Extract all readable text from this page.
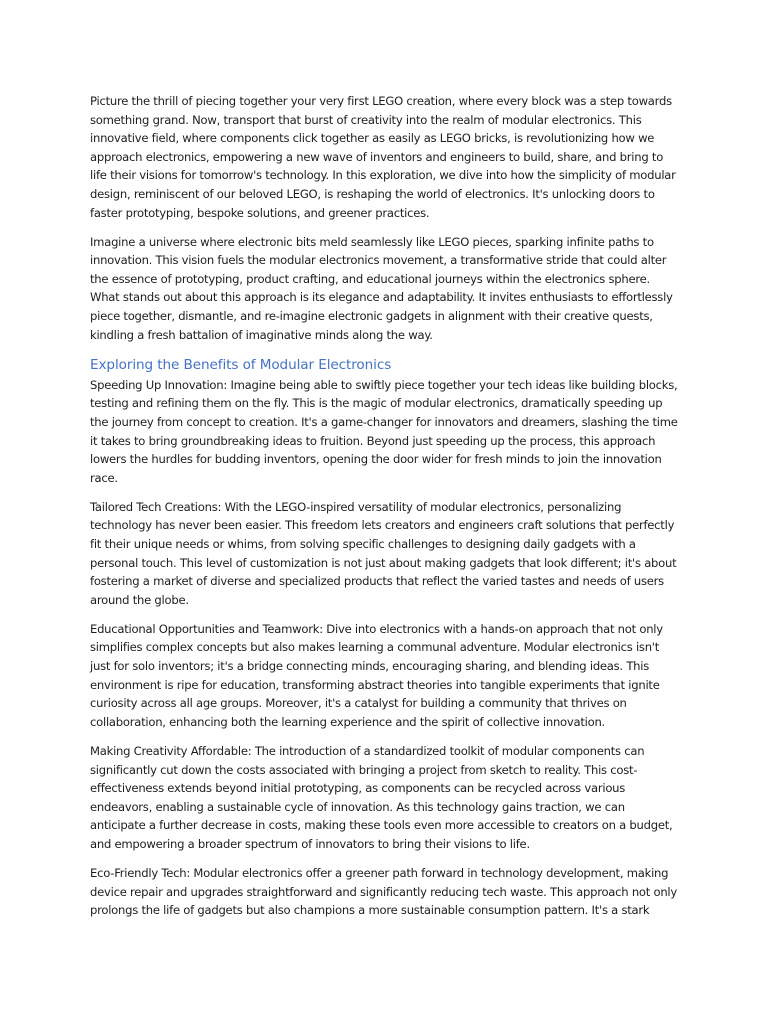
Picture the thrill of piecing together your very first LEGO creation, where every block was a step towards something grand. Now, transport that burst of creativity into the realm of modular electronics. This innovative field, where components click together as easily as LEGO bricks, is revolutionizing how we approach electronics, empowering a new wave of inventors and engineers to build, share, and bring to life their visions for tomorrow's technology. In this exploration, we dive into how the simplicity of modular design, reminiscent of our beloved LEGO, is reshaping the world of electronics. It's unlocking doors to faster prototyping, bespoke solutions, and greener practices.

Imagine a universe where electronic bits meld seamlessly like LEGO pieces, sparking infinite paths to innovation. This vision fuels the modular electronics movement, a transformative stride that could alter the essence of prototyping, product crafting, and educational journeys within the electronics sphere. What stands out about this approach is its elegance and adaptability. It invites enthusiasts to effortlessly piece together, dismantle, and re-imagine electronic gadgets in alignment with their creative quests, kindling a fresh battalion of imaginative minds along the way.

Exploring the Benefits of Modular Electronics

Speeding Up Innovation: Imagine being able to swiftly piece together your tech ideas like building blocks, testing and refining them on the fly. This is the magic of modular electronics, dramatically speeding up the journey from concept to creation. It's a game-changer for innovators and dreamers, slashing the time it takes to bring groundbreaking ideas to fruition. Beyond just speeding up the process, this approach lowers the hurdles for budding inventors, opening the door wider for fresh minds to join the innovation race.

Tailored Tech Creations: With the LEGO-inspired versatility of modular electronics, personalizing technology has never been easier. This freedom lets creators and engineers craft solutions that perfectly fit their unique needs or whims, from solving specific challenges to designing daily gadgets with a personal touch. This level of customization is not just about making gadgets that look different; it's about fostering a market of diverse and specialized products that reflect the varied tastes and needs of users around the globe.

Educational Opportunities and Teamwork: Dive into electronics with a hands-on approach that not only simplifies complex concepts but also makes learning a communal adventure. Modular electronics isn't just for solo inventors; it's a bridge connecting minds, encouraging sharing, and blending ideas. This environment is ripe for education, transforming abstract theories into tangible experiments that ignite curiosity across all age groups. Moreover, it's a catalyst for building a community that thrives on collaboration, enhancing both the learning experience and the spirit of collective innovation.

Making Creativity Affordable: The introduction of a standardized toolkit of modular components can significantly cut down the costs associated with bringing a project from sketch to reality. This cost-effectiveness extends beyond initial prototyping, as components can be recycled across various endeavors, enabling a sustainable cycle of innovation. As this technology gains traction, we can anticipate a further decrease in costs, making these tools even more accessible to creators on a budget, and empowering a broader spectrum of innovators to bring their visions to life.

Eco-Friendly Tech: Modular electronics offer a greener path forward in technology development, making device repair and upgrades straightforward and significantly reducing tech waste. This approach not only prolongs the life of gadgets but also champions a more sustainable consumption pattern. It's a stark
